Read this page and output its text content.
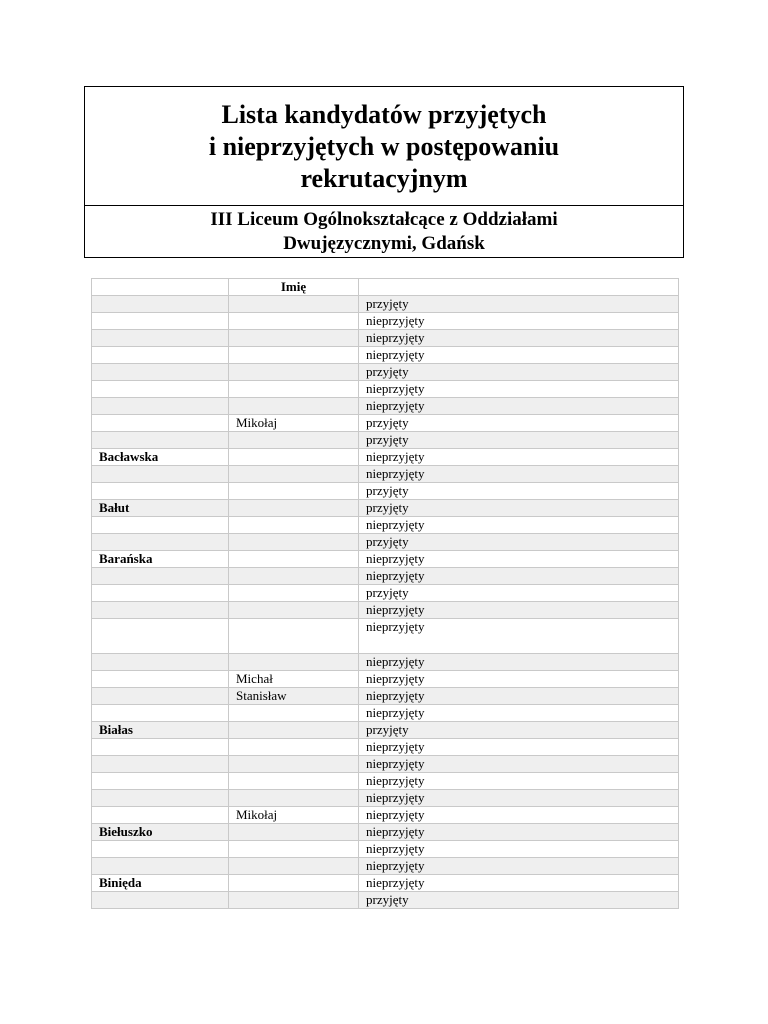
Lista kandydatów przyjętych
i nieprzyjętych w postępowaniu
rekrutacyjnym
III Liceum Ogólnokształcące z Oddziałami
Dwujęzycznymi, Gdańsk
	Imię	
		przyjęty
		nieprzyjęty
		nieprzyjęty
		nieprzyjęty
		przyjęty
		nieprzyjęty
		nieprzyjęty
	Mikołaj	przyjęty
		przyjęty
Bacławska		nieprzyjęty
		nieprzyjęty
		przyjęty
Bałut		przyjęty
		nieprzyjęty
		przyjęty
Barańska		nieprzyjęty
		nieprzyjęty
		przyjęty
		nieprzyjęty
		nieprzyjęty
		nieprzyjęty
	Michał	nieprzyjęty
	Stanisław	nieprzyjęty
		nieprzyjęty
Białas		przyjęty
		nieprzyjęty
		nieprzyjęty
		nieprzyjęty
		nieprzyjęty
	Mikołaj	nieprzyjęty
Biełuszko		nieprzyjęty
		nieprzyjęty
		nieprzyjęty
Binięda		nieprzyjęty
		przyjęty
